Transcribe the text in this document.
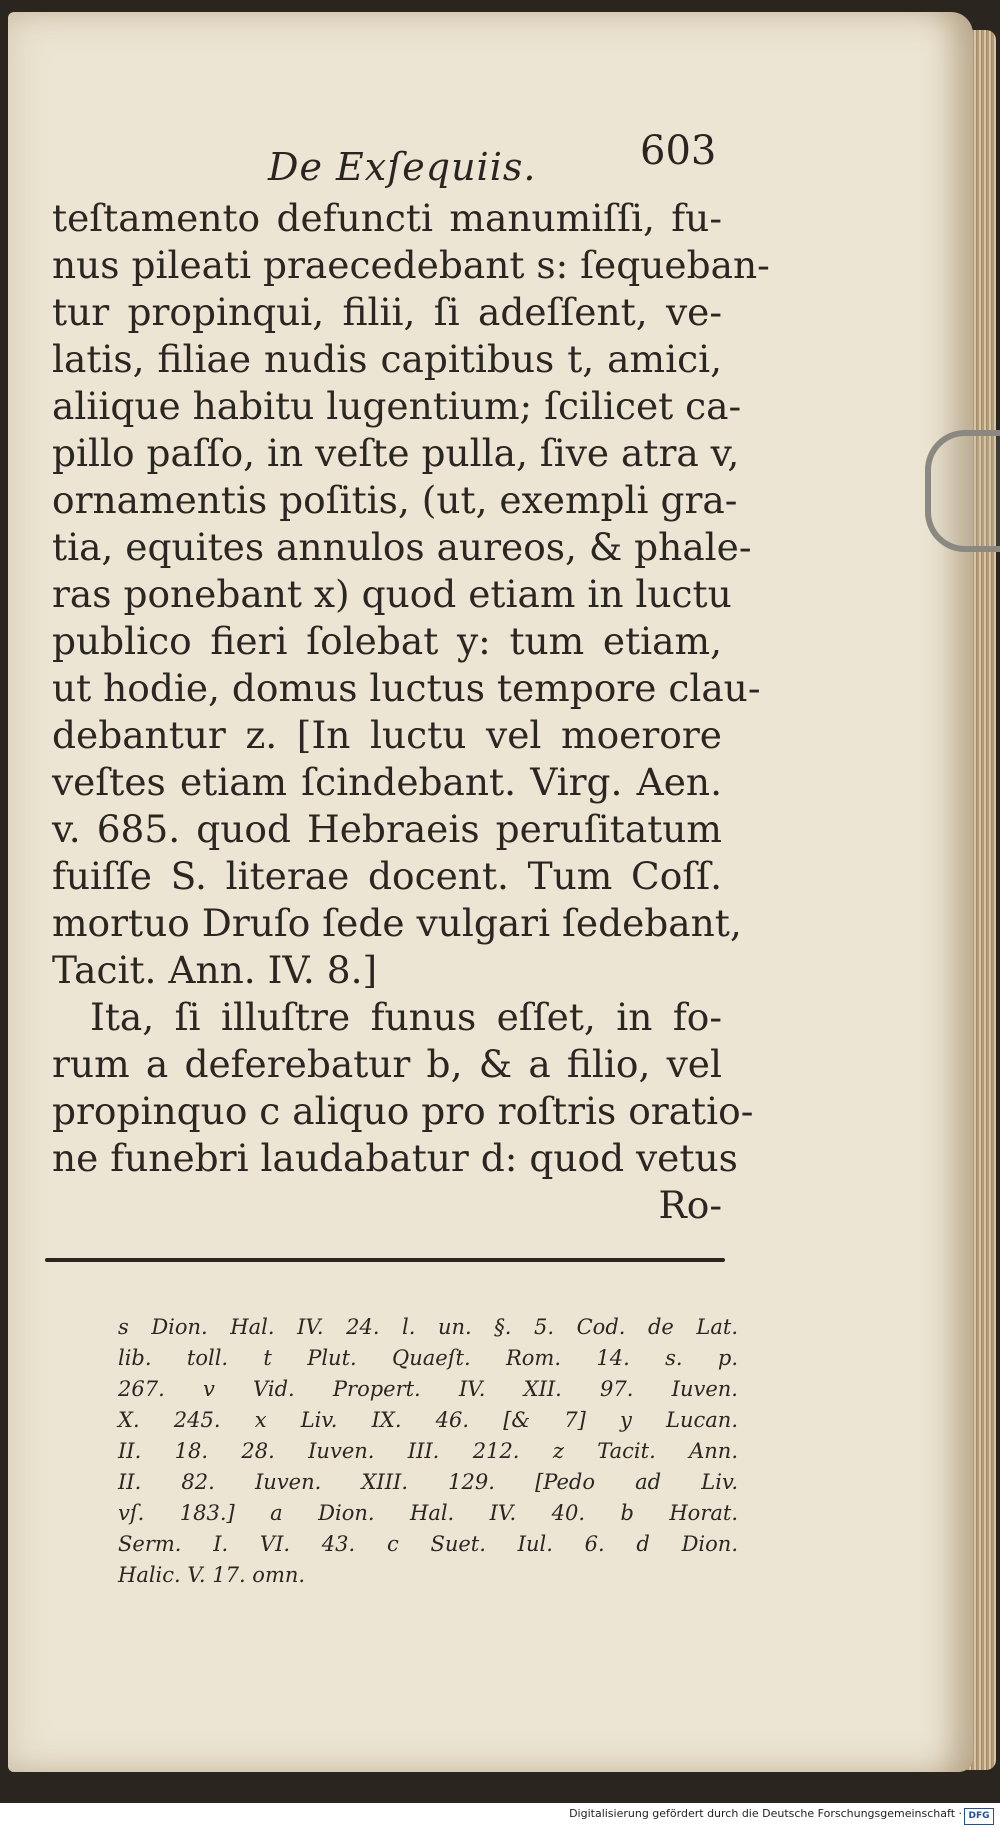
De Exſequiis.	603
teſtamento defuncti manumiſſi, fu-
nus pileati praecedebant s: ſequeban-
tur propinqui, filii, ſi adeſſent, ve-
latis, filiae nudis capitibus t, amici,
aliique habitu lugentium; ſcilicet ca-
pillo paſſo, in veſte pulla, ſive atra v,
ornamentis poſitis, (ut, exempli gra-
tia, equites annulos aureos, & phale-
ras ponebant x) quod etiam in luctu
publico fieri ſolebat y: tum etiam,
ut hodie, domus luctus tempore clau-
debantur z. [In luctu vel moerore
veſtes etiam ſcindebant. Virg. Aen.
v. 685. quod Hebraeis peruſitatum
fuiſſe S. literae docent. Tum Coſſ.
mortuo Druſo ſede vulgari ſedebant,
Tacit. Ann. IV. 8.]
Ita, ſi illuſtre funus eſſet, in fo-
rum a deferebatur b, & a filio, vel
propinquo c aliquo pro roſtris oratio-
ne funebri laudabatur d: quod vetus
Ro-
s Dion. Hal. IV. 24. l. un. §. 5. Cod. de Lat.
lib. toll. t Plut. Quaeſt. Rom. 14. s. p.
267. v Vid. Propert. IV. XII. 97. Iuven.
X. 245. x Liv. IX. 46. [& 7] y Lucan.
II. 18. 28. Iuven. III. 212. z Tacit. Ann.
II. 82. Iuven. XIII. 129. [Pedo ad Liv.
vſ. 183.] a Dion. Hal. IV. 40. b Horat.
Serm. I. VI. 43. c Suet. Iul. 6. d Dion.
Halic. V. 17. omn.
Digitalisierung gefördert durch die Deutsche Forschungsgemeinschaft · DFG
